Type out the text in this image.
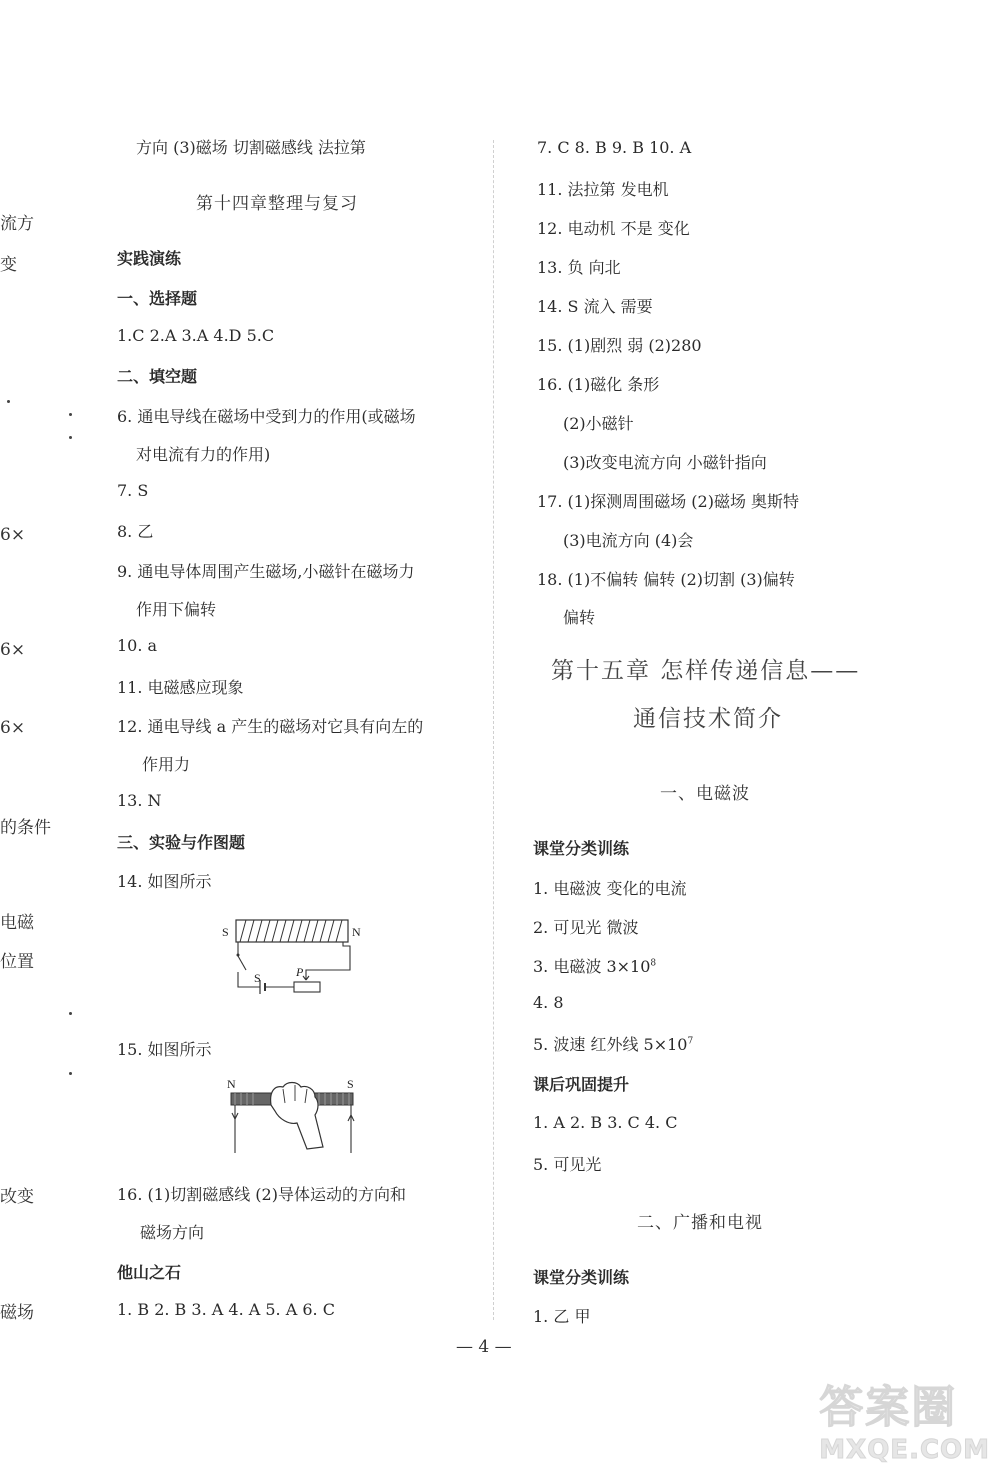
流方
变
6×
6×
6×
的条件
电磁
位置
改变
磁场
方向 (3)磁场 切割磁感线 法拉第
第十四章整理与复习
实践演练
一、选择题
1.C 2.A 3.A 4.D 5.C
二、填空题
6. 通电导线在磁场中受到力的作用(或磁场
对电流有力的作用)
7. S
8. 乙
9. 通电导体周围产生磁场,小磁针在磁场力
作用下偏转
10. a
11. 电磁感应现象
12. 通电导线 a 产生的磁场对它具有向左的
作用力
13. N
三、实验与作图题
14. 如图所示
S	N
S	P
15. 如图所示
N	S
16. (1)切割磁感线 (2)导体运动的方向和
磁场方向
他山之石
1. B 2. B 3. A 4. A 5. A 6. C
7. C 8. B 9. B 10. A
11. 法拉第 发电机
12. 电动机 不是 变化
13. 负 向北
14. S 流入 需要
15. (1)剧烈 弱 (2)280
16. (1)磁化 条形
(2)小磁针
(3)改变电流方向 小磁针指向
17. (1)探测周围磁场 (2)磁场 奥斯特
(3)电流方向 (4)会
18. (1)不偏转 偏转 (2)切割 (3)偏转
偏转
第十五章 怎样传递信息——
通信技术简介
一、电磁波
课堂分类训练
1. 电磁波 变化的电流
2. 可见光 微波
3. 电磁波 $3\times 10^8$
4. 8
5. 波速 红外线 $5\times 10^7$
课后巩固提升
1. A 2. B 3. C 4. C
5. 可见光
二、广播和电视
课堂分类训练
1. 乙 甲
— 4 —
答案圈
MXQE.COM
